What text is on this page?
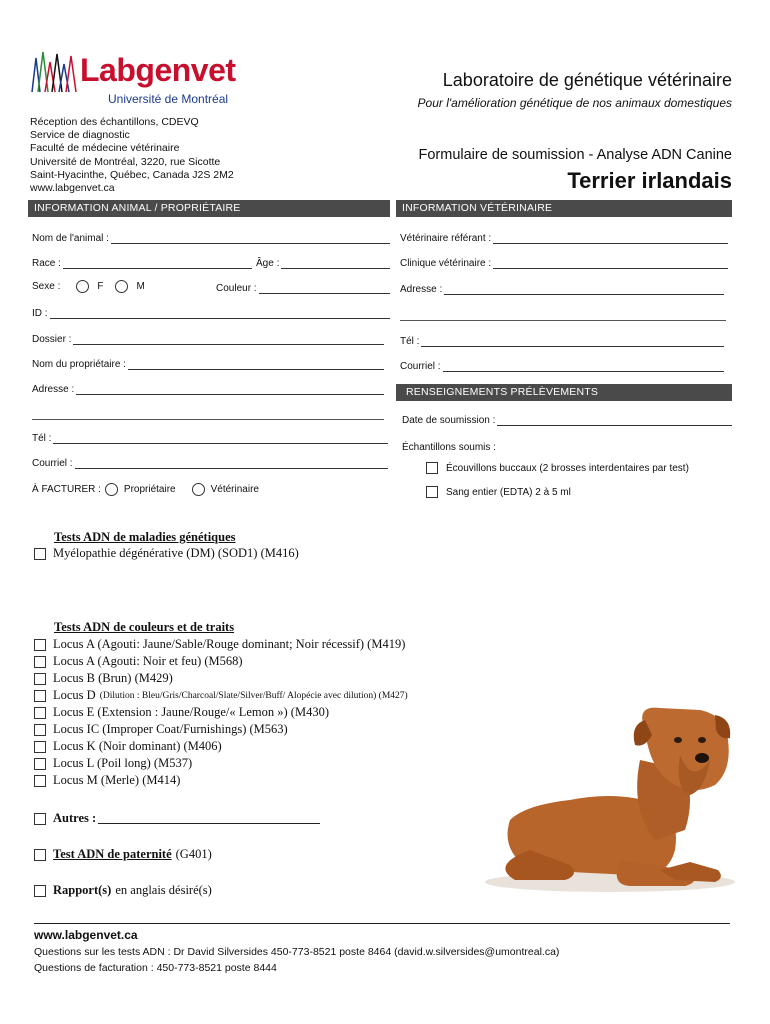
Labgenvet
Université de Montréal
Réception des échantillons, CDEVQ
Service de diagnostic
Faculté de médecine vétérinaire
Université de Montréal, 3220, rue Sicotte
Saint-Hyacinthe, Québec, Canada J2S 2M2
www.labgenvet.ca
Laboratoire de génétique vétérinaire
Pour l'amélioration génétique de nos animaux domestiques
Formulaire de soumission - Analyse ADN Canine
Terrier irlandais
INFORMATION ANIMAL / PROPRIÉTAIRE	INFORMATION VÉTÉRINAIRE
Nom de l'animal :
Race :	Âge :
Sexe :	F	M	Couleur :
ID :
Dossier :
Nom du propriétaire :
Adresse :
Tél :
Courriel :
À FACTURER : Propriétaire	Vétérinaire
Vétérinaire référant :
Clinique vétérinaire :
Adresse :
Tél :
Courriel :
RENSEIGNEMENTS PRÉLÈVEMENTS
Date de soumission :
Échantillons soumis :
Écouvillons buccaux (2 brosses interdentaires par test)
Sang entier (EDTA) 2 à 5 ml
Tests ADN de maladies génétiques
Myélopathie dégénérative (DM) (SOD1) (M416)
Tests ADN de couleurs et de traits
Locus A (Agouti: Jaune/Sable/Rouge dominant; Noir récessif) (M419)
Locus A (Agouti: Noir et feu) (M568)
Locus B (Brun) (M429)
Locus D (Dilution : Bleu/Gris/Charcoal/Slate/Silver/Buff/ Alopécie avec dilution) (M427)
Locus E (Extension : Jaune/Rouge/« Lemon ») (M430)
Locus IC (Improper Coat/Furnishings) (M563)
Locus K (Noir dominant) (M406)
Locus L (Poil long) (M537)
Locus M (Merle) (M414)
Autres :
Test ADN de paternité (G401)
Rapport(s) en anglais désiré(s)
www.labgenvet.ca
Questions sur les tests ADN : Dr David Silversides 450-773-8521 poste 8464 (david.w.silversides@umontreal.ca)
Questions de facturation : 450-773-8521 poste 8444
